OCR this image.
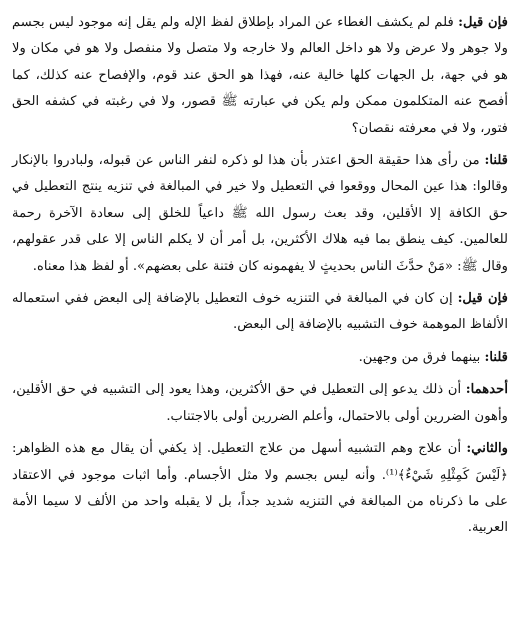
فإن قيل: فلم لم يكشف الغطاء عن المراد بإطلاق لفظ الإله ولم يقل إنه موجود ليس بجسم ولا جوهر ولا عرض ولا هو داخل العالم ولا خارجه ولا متصل ولا منفصل ولا هو في مكان ولا هو في جهة، بل الجهات كلها خالية عنه، فهذا هو الحق عند قوم، والإفصاح عنه كذلك، كما أفصح عنه المتكلمون ممكن ولم يكن في عبارته ﷺ قصور، ولا في رغبته في كشفه الحق فتور، ولا في معرفته نقصان؟

قلنا: من رأى هذا حقيقة الحق اعتذر بأن هذا لو ذكره لنفر الناس عن قبوله، ولبادروا بالإنكار وقالوا: هذا عين المحال ووقعوا في التعطيل ولا خير في المبالغة في تنزيه ينتج التعطيل في حق الكافة إلا الأقلين، وقد بعث رسول الله ﷺ داعياً للخلق إلى سعادة الآخرة رحمة للعالمين. كيف ينطق بما فيه هلاك الأكثرين، بل أمر أن لا يكلم الناس إلا على قدر عقولهم، وقال ﷺ: «مَنْ حدَّثَ الناس بحديثٍ لا يفهمونه كان فتنة على بعضهم». أو لفظ هذا معناه.

فإن قيل: إن كان في المبالغة في التنزيه خوف التعطيل بالإضافة إلى البعض ففي استعماله الألفاظ الموهمة خوف التشبيه بالإضافة إلى البعض.

قلنا: بينهما فرق من وجهين.

أحدهما: أن ذلك يدعو إلى التعطيل في حق الأكثرين، وهذا يعود إلى التشبيه في حق الأقلين، وأهون الضررين أولى بالاحتمال، وأعلم الضررين أولى بالاجتناب.

والثاني: أن علاج وهم التشبيه أسهل من علاج التعطيل. إذ يكفي أن يقال مع هذه الظواهر: ﴿لَيْسَ كَمِثْلِهِ شَيْءٌ﴾⁽¹⁾. وأنه ليس بجسم ولا مثل الأجسام. وأما اثبات موجود في الاعتقاد على ما ذكرناه من المبالغة في التنزيه شديد جداً، بل لا يقبله واحد من الألف لا سيما الأمة العربية.
